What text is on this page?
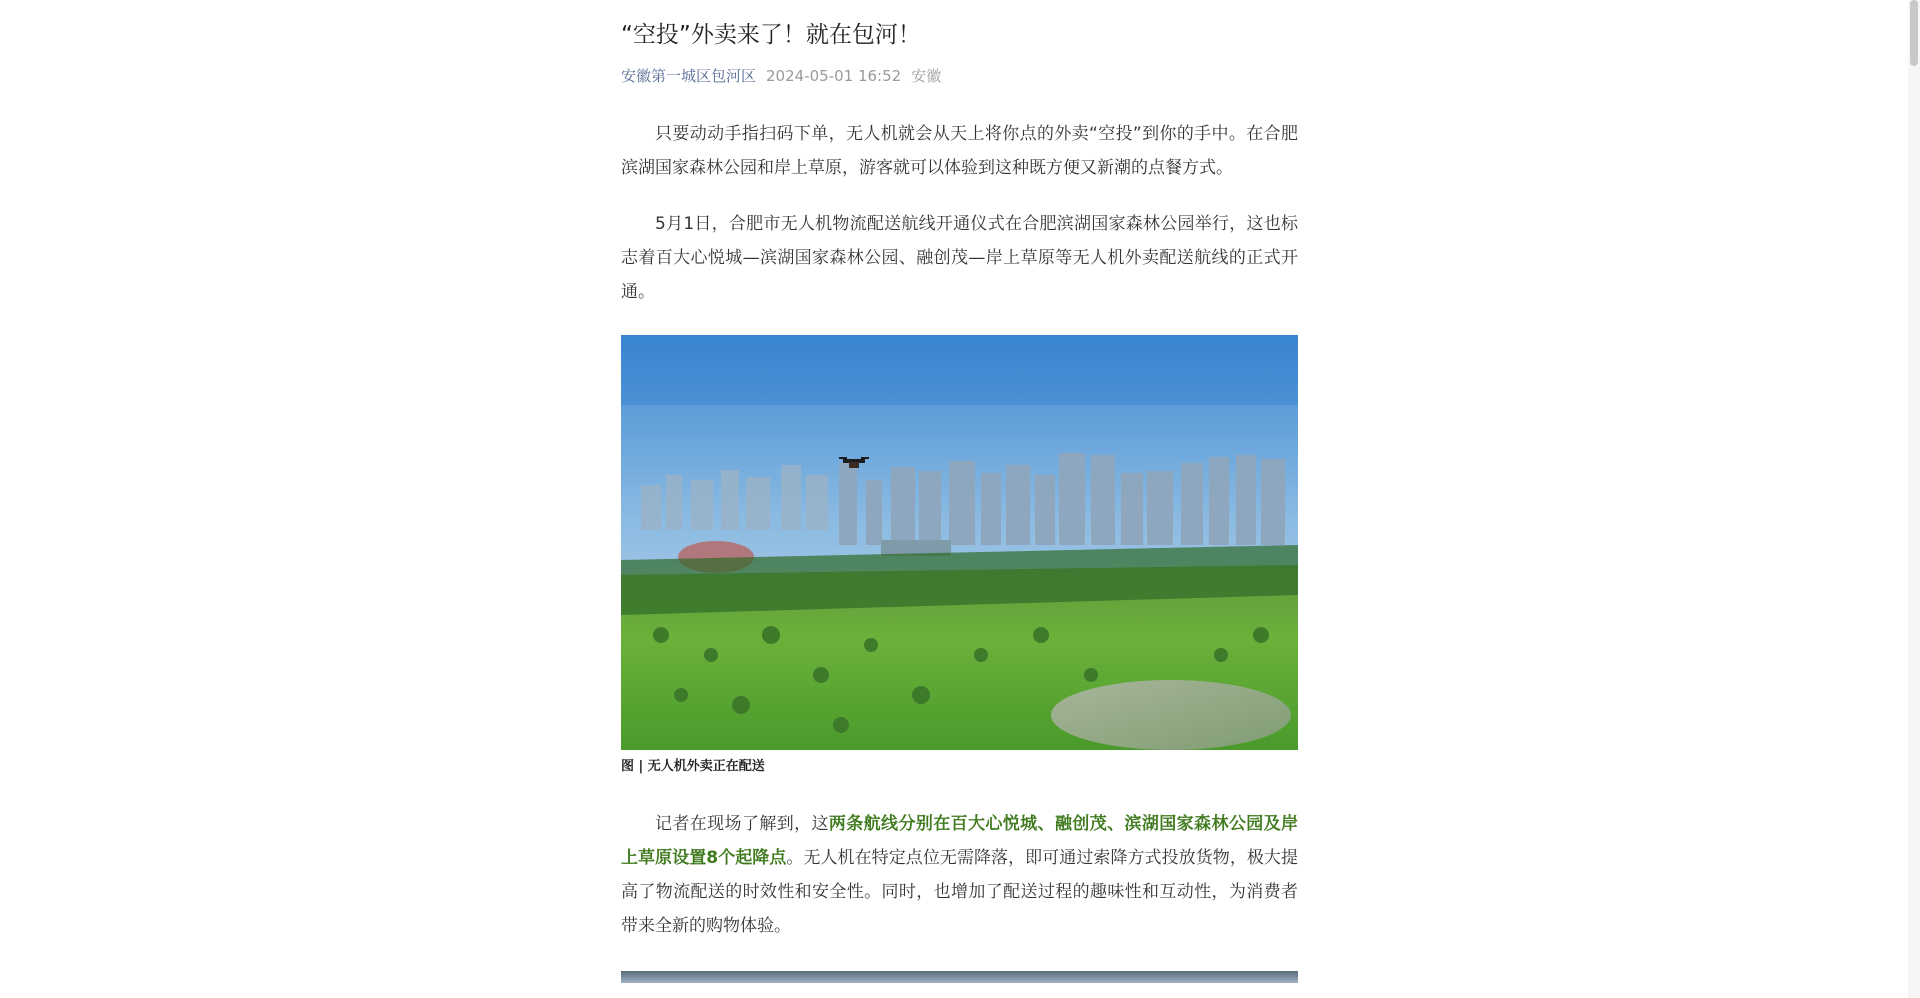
“空投”外卖来了！就在包河！
安徽第一城区包河区 2024-05-01 16:52 安徽

只要动动手指扫码下单，无人机就会从天上将你点的外卖“空投”到你的手中。在合肥滨湖国家森林公园和岸上草原，游客就可以体验到这种既方便又新潮的点餐方式。

5月1日，合肥市无人机物流配送航线开通仪式在合肥滨湖国家森林公园举行，这也标志着百大心悦城—滨湖国家森林公园、融创茂—岸上草原等无人机外卖配送航线的正式开通。

图 | 无人机外卖正在配送

记者在现场了解到，这两条航线分别在百大心悦城、融创茂、滨湖国家森林公园及岸上草原设置8个起降点。无人机在特定点位无需降落，即可通过索降方式投放货物，极大提高了物流配送的时效性和安全性。同时，也增加了配送过程的趣味性和互动性，为消费者带来全新的购物体验。
